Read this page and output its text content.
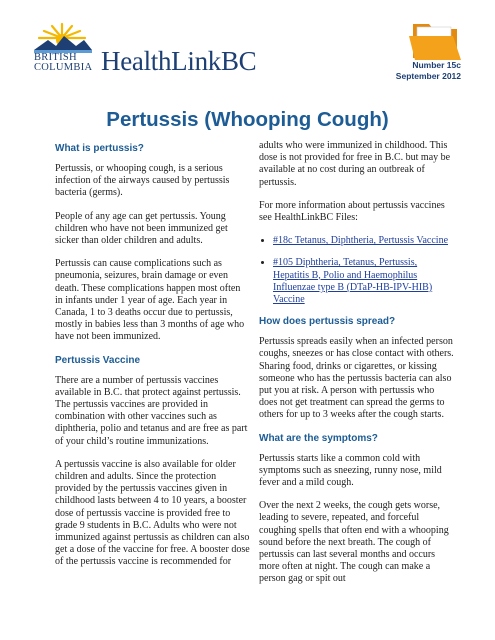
BRITISH
COLUMBIA HealthLinkBC	Number 15c
September 2012
Pertussis (Whooping Cough)
What is pertussis?

Pertussis, or whooping cough, is a serious infection of the airways caused by pertussis bacteria (germs).

People of any age can get pertussis. Young children who have not been immunized get sicker than older children and adults.

Pertussis can cause complications such as pneumonia, seizures, brain damage or even death. These complications happen most often in infants under 1 year of age. Each year in Canada, 1 to 3 deaths occur due to pertussis, mostly in babies less than 3 months of age who have not been immunized.

Pertussis Vaccine

There are a number of pertussis vaccines available in B.C. that protect against pertussis. The pertussis vaccines are provided in combination with other vaccines such as diphtheria, polio and tetanus and are free as part of your child’s routine immunizations.

A pertussis vaccine is also available for older children and adults. Since the protection provided by the pertussis vaccines given in childhood lasts between 4 to 10 years, a booster dose of pertussis vaccine is provided free to grade 9 students in B.C. Adults who were not immunized against pertussis as children can also get a dose of the vaccine for free. A booster dose of the pertussis vaccine is recommended for

adults who were immunized in childhood. This dose is not provided for free in B.C. but may be available at no cost during an outbreak of pertussis.

For more information about pertussis vaccines see HealthLinkBC Files:

• #18c Tetanus, Diphtheria, Pertussis Vaccine
• #105 Diphtheria, Tetanus, Pertussis, Hepatitis B, Polio and Haemophilus Influenzae type B (DTaP-HB-IPV-HIB) Vaccine
How does pertussis spread?

Pertussis spreads easily when an infected person coughs, sneezes or has close contact with others. Sharing food, drinks or cigarettes, or kissing someone who has the pertussis bacteria can also put you at risk. A person with pertussis who does not get treatment can spread the germs to others for up to 3 weeks after the cough starts.

What are the symptoms?

Pertussis starts like a common cold with symptoms such as sneezing, runny nose, mild fever and a mild cough.

Over the next 2 weeks, the cough gets worse, leading to severe, repeated, and forceful coughing spells that often end with a whooping sound before the next breath. The cough of pertussis can last several months and occurs more often at night. The cough can make a person gag or spit out
